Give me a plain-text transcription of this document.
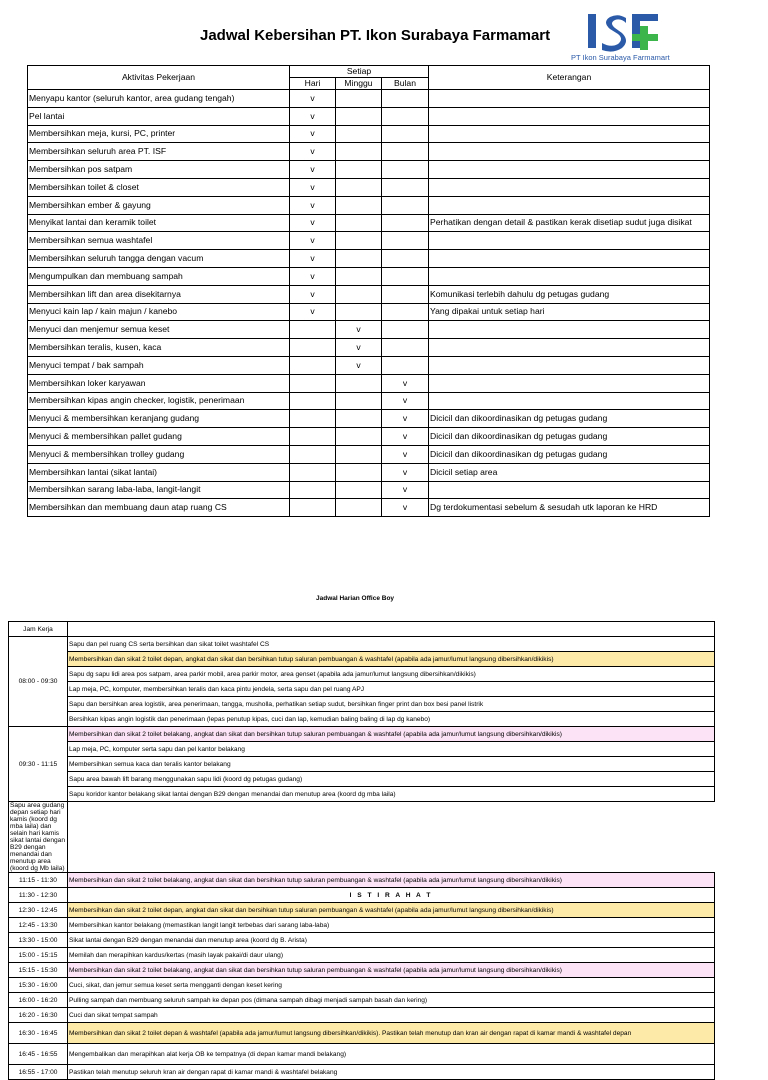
Jadwal Kebersihan PT. Ikon Surabaya Farmamart
PT Ikon Surabaya Farmamart
Aktivitas Pekerjaan	Setiap			Keterangan
	Hari	Minggu	Bulan	
Menyapu kantor (seluruh kantor, area gudang tengah)	v			
Pel lantai	v			
Membersihkan meja, kursi, PC, printer	v			
Membersihkan seluruh area PT. ISF	v			
Membersihkan pos satpam	v			
Membersihkan toilet & closet	v			
Membersihkan ember & gayung	v			
Menyikat lantai dan keramik toilet	v			Perhatikan dengan detail & pastikan kerak disetiap sudut juga disikat
Membersihkan semua washtafel	v			
Membersihkan seluruh tangga dengan vacum	v			
Mengumpulkan dan membuang sampah	v			
Membersihkan lift dan area disekitarnya	v			Komunikasi terlebih dahulu dg petugas gudang
Menyuci kain lap / kain majun / kanebo	v			Yang dipakai untuk setiap hari
Menyuci dan menjemur semua keset		v		
Membersihkan teralis, kusen, kaca		v		
Menyuci tempat / bak sampah		v		
Membersihkan loker karyawan			v	
Membersihkan kipas angin checker, logistik, penerimaan			v	
Menyuci & membersihkan keranjang gudang			v	Dicicil dan dikoordinasikan dg petugas gudang
Menyuci & membersihkan pallet gudang			v	Dicicil dan dikoordinasikan dg petugas gudang
Menyuci & membersihkan trolley gudang			v	Dicicil dan dikoordinasikan dg petugas gudang
Membersihkan lantai (sikat lantai)			v	Dicicil setiap area
Membersihkan sarang laba-laba, langit-langit			v	
Membersihkan dan membuang daun atap ruang CS			v	Dg terdokumentasi sebelum & sesudah utk laporan ke HRD
Jadwal Harian Office Boy
Jam Kerja	
08:00 - 09:30	Sapu dan pel ruang CS serta bersihkan dan sikat toilet washtafel CS
	Membersihkan dan sikat 2 toilet depan, angkat dan sikat dan bersihkan tutup saluran pembuangan & washtafel (apabila ada jamur/lumut langsung dibersihkan/dikikis)
	Sapu dg sapu lidi area pos satpam, area parkir mobil, area parkir motor, area genset (apabila ada jamur/lumut langsung dibersihkan/dikikis)
	Lap meja, PC, komputer, membersihkan teralis dan kaca pintu jendela, serta sapu dan pel ruang APJ
	Sapu dan bersihkan area logistik, area penerimaan, tangga, musholla, perhatikan setiap sudut, bersihkan finger print dan box besi panel listrik
	Bersihkan kipas angin logistik dan penerimaan (lepas penutup kipas, cuci dan lap, kemudian baling baling di lap dg kanebo)
09:30 - 11:15	Membersihkan dan sikat 2 toilet belakang, angkat dan sikat dan bersihkan tutup saluran pembuangan & washtafel (apabila ada jamur/lumut langsung dibersihkan/dikikis)
	Lap meja, PC, komputer serta sapu dan pel kantor belakang
	Membersihkan semua kaca dan teralis kantor belakang
	Sapu area bawah lift barang menggunakan sapu lidi (koord dg petugas gudang)
	Sapu koridor kantor belakang sikat lantai dengan B29 dengan menandai dan menutup area (koord dg mba laila)
Sapu area gudang depan setiap hari kamis (koord dg mba laila) dan selain hari kamis sikat lantai dengan B29 dengan menandai dan menutup area (koord dg Mb laila)	
11:15 - 11:30	Membersihkan dan sikat 2 toilet belakang, angkat dan sikat dan bersihkan tutup saluran pembuangan & washtafel (apabila ada jamur/lumut langsung dibersihkan/dikikis)
11:30 - 12:30	I S T I R A H A T
12:30 - 12:45	Membersihkan dan sikat 2 toilet depan, angkat dan sikat dan bersihkan tutup saluran pembuangan & washtafel (apabila ada jamur/lumut langsung dibersihkan/dikikis)
12:45 - 13:30	Membersihkan kantor belakang (memastikan langit langit terbebas dari sarang laba-laba)
13:30 - 15:00	Sikat lantai dengan B29 dengan menandai dan menutup area (koord dg B. Arista)
15:00 - 15:15	Memilah dan merapihkan kardus/kertas (masih layak pakai/di daur ulang)
15:15 - 15:30	Membersihkan dan sikat 2 toilet belakang, angkat dan sikat dan bersihkan tutup saluran pembuangan & washtafel (apabila ada jamur/lumut langsung dibersihkan/dikikis)
15:30 - 16:00	Cuci, sikat, dan jemur semua keset serta mengganti dengan keset kering
16:00 - 16:20	Pulling sampah dan membuang seluruh sampah ke depan pos (dimana sampah dibagi menjadi sampah basah dan kering)
16:20 - 16:30	Cuci dan sikat tempat sampah
16:30 - 16:45	Membersihkan dan sikat 2 toilet depan & washtafel (apabila ada jamur/lumut langsung dibersihkan/dikikis). Pastikan telah menutup dan kran air dengan rapat di kamar mandi & washtafel depan
16:45 - 16:55	Mengembalikan dan merapihkan alat kerja OB ke tempatnya (di depan kamar mandi belakang)
16:55 - 17:00	Pastikan telah menutup seluruh kran air dengan rapat di kamar mandi & washtafel belakang
